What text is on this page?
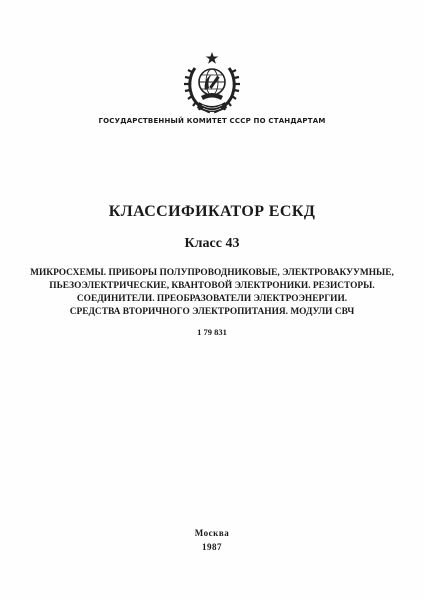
ГОСУДАРСТВЕННЫЙ КОМИТЕТ СССР ПО СТАНДАРТАМ
КЛАССИФИКАТОР ЕСКД
Класс 43
МИКРОСХЕМЫ. ПРИБОРЫ ПОЛУПРОВОДНИКОВЫЕ, ЭЛЕКТРОВАКУУМНЫЕ,
ПЬЕЗОЭЛЕКТРИЧЕСКИЕ, КВАНТОВОЙ ЭЛЕКТРОНИКИ. РЕЗИСТОРЫ.
СОЕДИНИТЕЛИ. ПРЕОБРАЗОВАТЕЛИ ЭЛЕКТРОЭНЕРГИИ.
СРЕДСТВА ВТОРИЧНОГО ЭЛЕКТРОПИТАНИЯ. МОДУЛИ СВЧ
1 79 831
Москва
1987
